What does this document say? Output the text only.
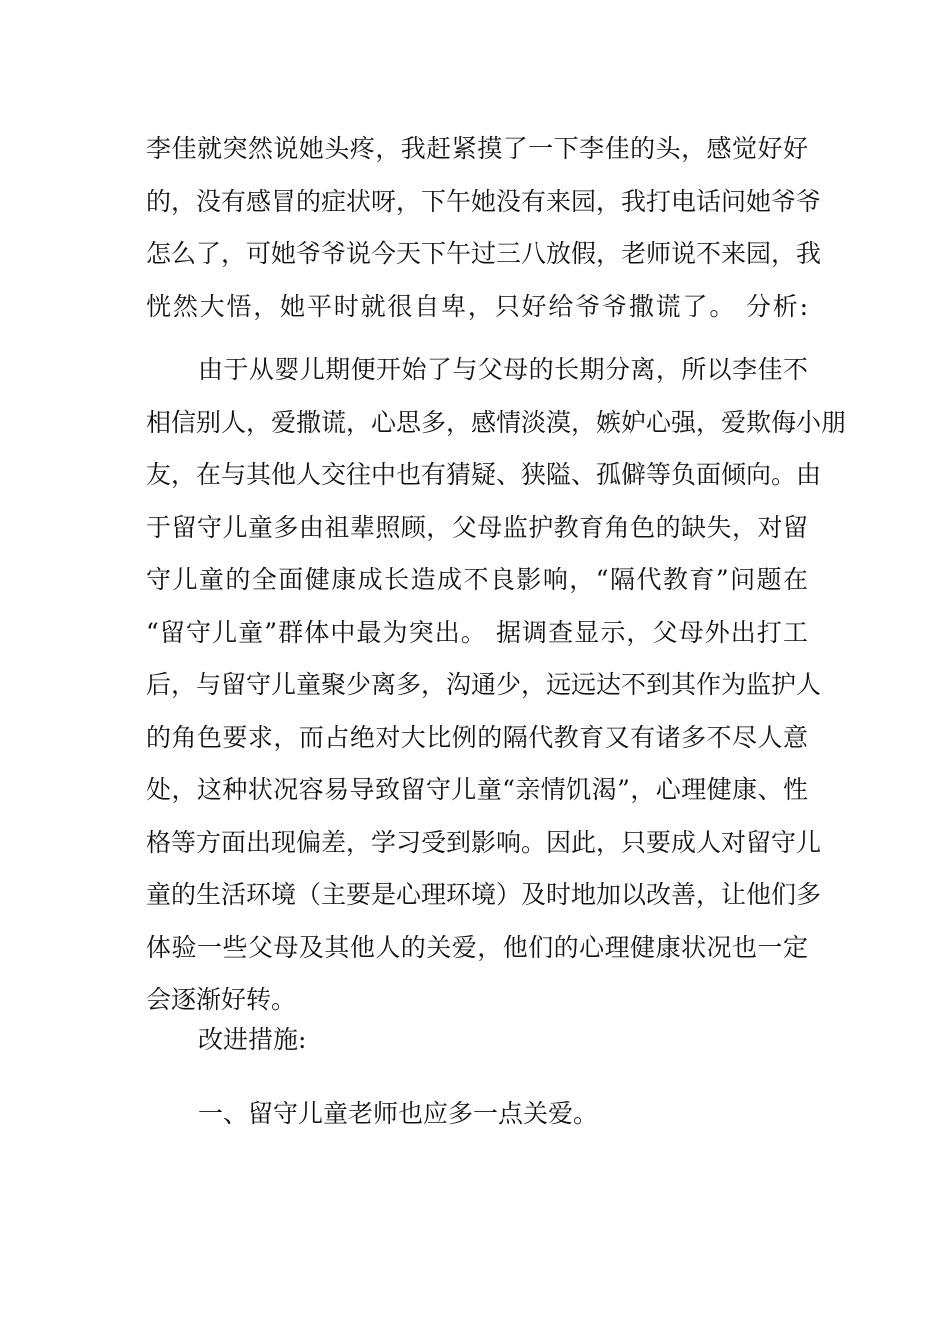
李佳就突然说她头疼，我赶紧摸了一下李佳的头，感觉好好
的，没有感冒的症状呀，下午她没有来园，我打电话问她爷爷
怎么了，可她爷爷说今天下午过三八放假，老师说不来园，我
恍然大悟，她平时就很自卑，只好给爷爷撒谎了。 分析:
由于从婴儿期便开始了与父母的长期分离，所以李佳不
相信别人，爱撒谎，心思多，感情淡漠，嫉妒心强，爱欺侮小朋
友，在与其他人交往中也有猜疑、狭隘、孤僻等负面倾向。由
于留守儿童多由祖辈照顾，父母监护教育角色的缺失，对留
守儿童的全面健康成长造成不良影响，“隔代教育”问题在
“留守儿童”群体中最为突出。 据调查显示，父母外出打工
后，与留守儿童聚少离多，沟通少，远远达不到其作为监护人
的角色要求，而占绝对大比例的隔代教育又有诸多不尽人意
处，这种状况容易导致留守儿童“亲情饥渴”，心理健康、性
格等方面出现偏差，学习受到影响。因此，只要成人对留守儿
童的生活环境（主要是心理环境）及时地加以改善，让他们多
体验一些父母及其他人的关爱，他们的心理健康状况也一定
会逐渐好转。
改进措施:
一、留守儿童老师也应多一点关爱。
